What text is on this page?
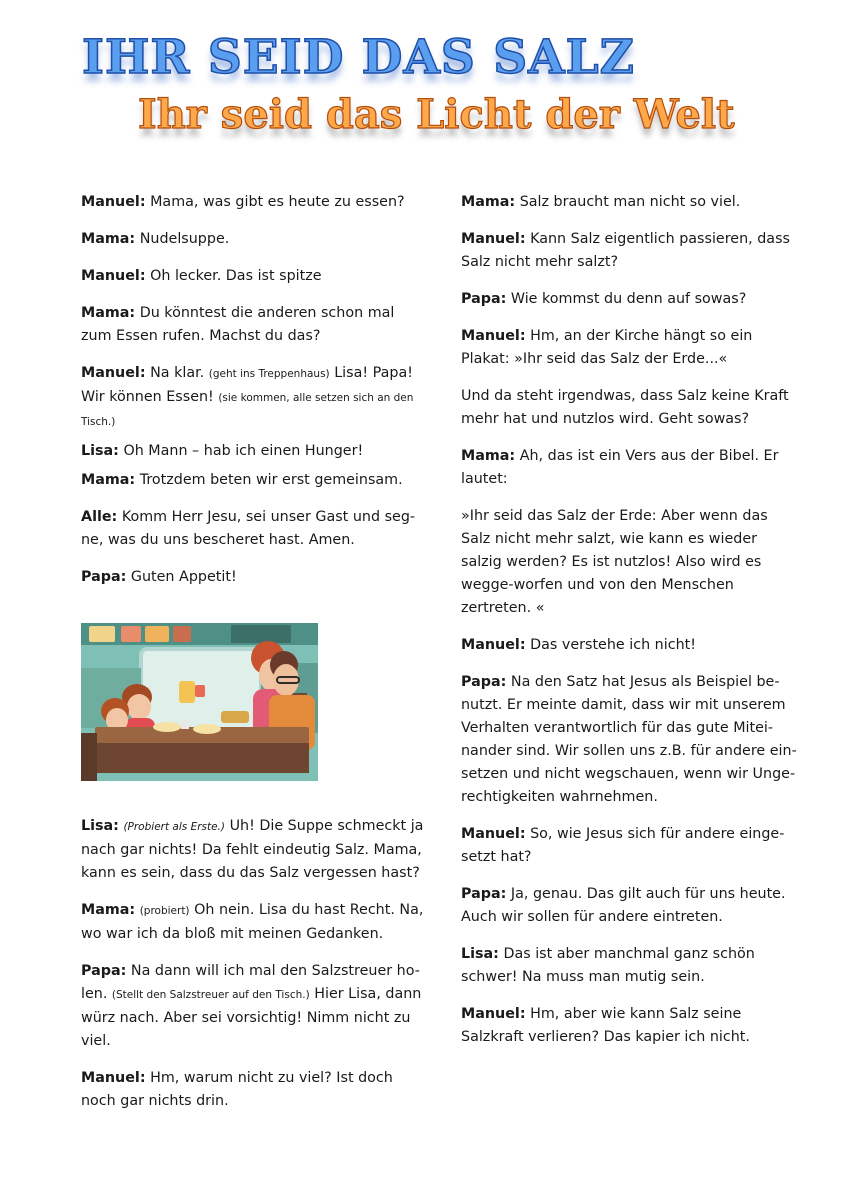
IHR SEID DAS SALZ
Ihr seid das Licht der Welt

Manuel: Mama, was gibt es heute zu essen?

Mama: Nudelsuppe.

Manuel: Oh lecker. Das ist spitze

Mama: Du könntest die anderen schon mal zum Essen rufen. Machst du das?

Manuel: Na klar. (geht ins Treppenhaus) Lisa! Papa! Wir können Essen! (sie kommen, alle setzen sich an den Tisch.)

Lisa: Oh Mann – hab ich einen Hunger!

Mama: Trotzdem beten wir erst gemeinsam.

Alle: Komm Herr Jesu, sei unser Gast und seg-ne, was du uns bescheret hast. Amen.

Papa: Guten Appetit!

Lisa: (Probiert als Erste.) Uh! Die Suppe schmeckt ja nach gar nichts! Da fehlt eindeutig Salz. Mama, kann es sein, dass du das Salz vergessen hast?

Mama: (probiert) Oh nein. Lisa du hast Recht. Na, wo war ich da bloß mit meinen Gedanken.

Papa: Na dann will ich mal den Salzstreuer ho-len. (Stellt den Salzstreuer auf den Tisch.) Hier Lisa, dann würz nach. Aber sei vorsichtig! Nimm nicht zu viel.

Manuel: Hm, warum nicht zu viel? Ist doch noch gar nichts drin.

Mama: Salz braucht man nicht so viel.

Manuel: Kann Salz eigentlich passieren, dass Salz nicht mehr salzt?

Papa: Wie kommst du denn auf sowas?

Manuel: Hm, an der Kirche hängt so ein Plakat: »Ihr seid das Salz der Erde...«

Und da steht irgendwas, dass Salz keine Kraft mehr hat und nutzlos wird. Geht sowas?

Mama: Ah, das ist ein Vers aus der Bibel. Er lautet:

»Ihr seid das Salz der Erde: Aber wenn das Salz nicht mehr salzt, wie kann es wieder salzig werden? Es ist nutzlos! Also wird es wegge-worfen und von den Menschen zertreten. «

Manuel: Das verstehe ich nicht!

Papa: Na den Satz hat Jesus als Beispiel be-nutzt. Er meinte damit, dass wir mit unserem Verhalten verantwortlich für das gute Mitei-nander sind. Wir sollen uns z.B. für andere ein-setzen und nicht wegschauen, wenn wir Unge-rechtigkeiten wahrnehmen.

Manuel: So, wie Jesus sich für andere einge-setzt hat?

Papa: Ja, genau. Das gilt auch für uns heute. Auch wir sollen für andere eintreten.

Lisa: Das ist aber manchmal ganz schön schwer! Na muss man mutig sein.

Manuel: Hm, aber wie kann Salz seine Salzkraft verlieren? Das kapier ich nicht.
